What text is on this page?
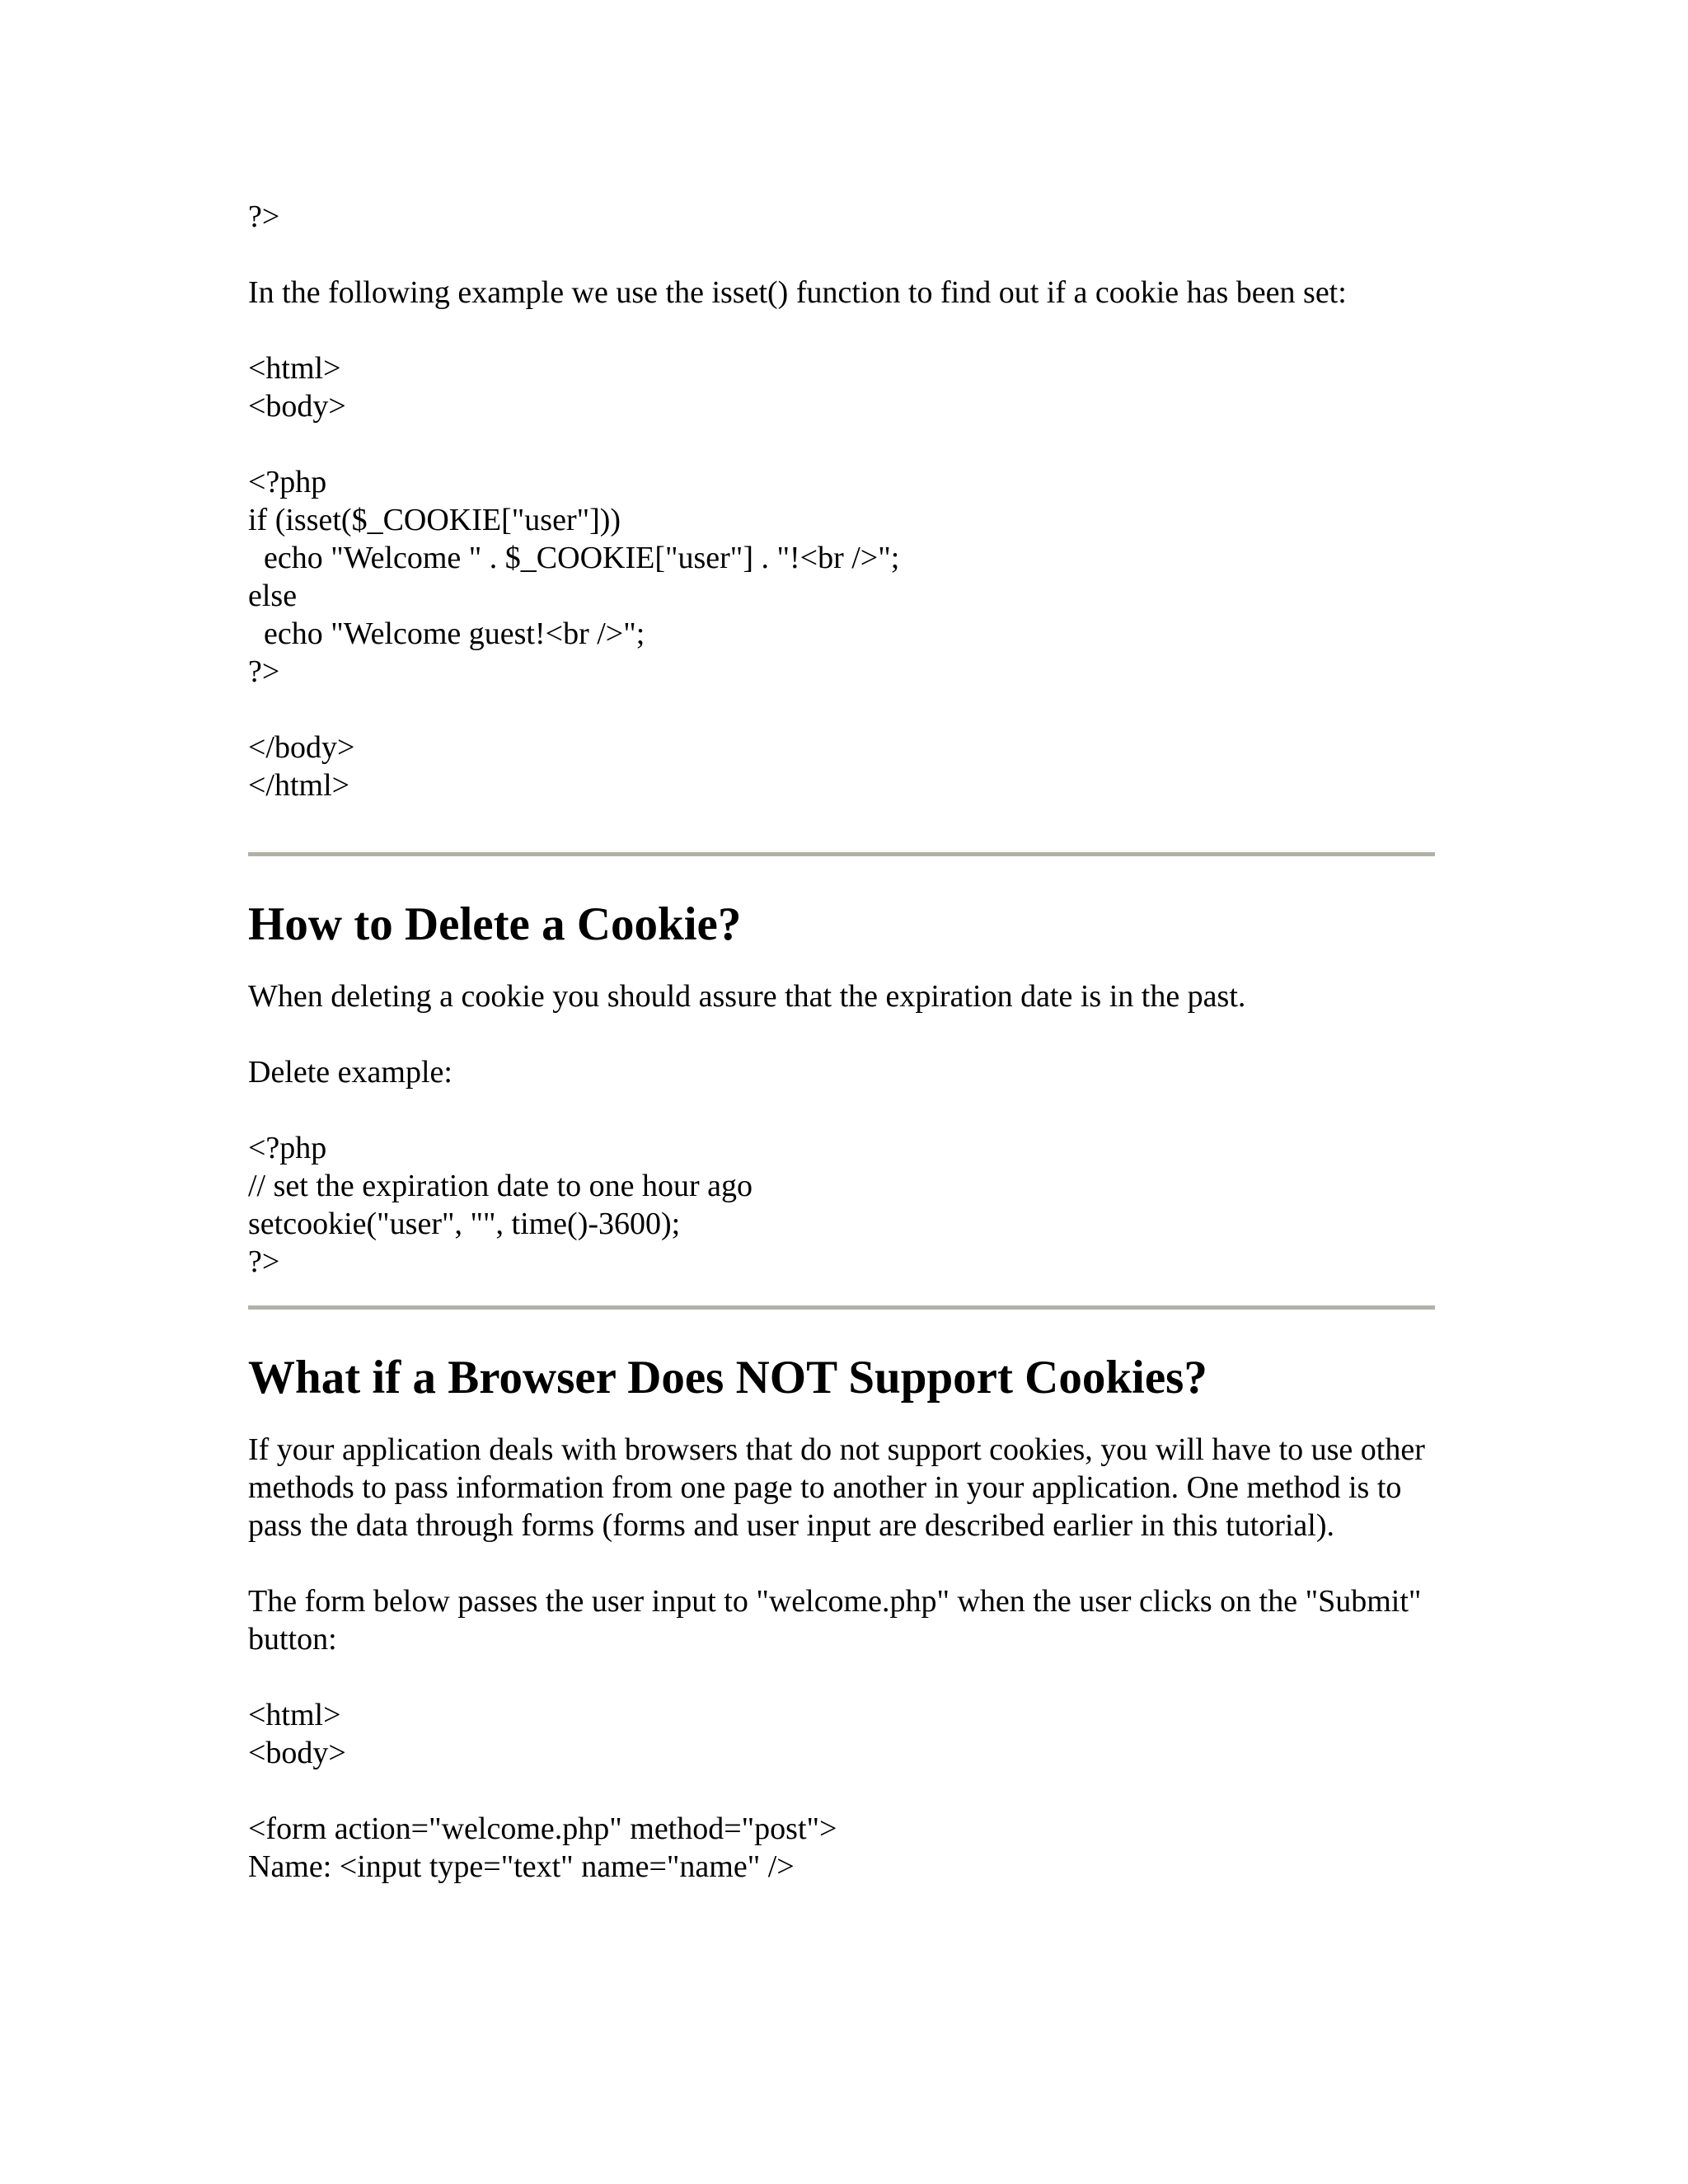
?>
In the following example we use the isset() function to find out if a cookie has been set:
<html>
<body>
<?php
if (isset($_COOKIE["user"]))
echo "Welcome " . $_COOKIE["user"] . "!<br />";
else
echo "Welcome guest!<br />";
?>
</body>
</html>
How to Delete a Cookie?
When deleting a cookie you should assure that the expiration date is in the past.
Delete example:
<?php
// set the expiration date to one hour ago
setcookie("user", "", time()-3600);
?>
What if a Browser Does NOT Support Cookies?
If your application deals with browsers that do not support cookies, you will have to use other methods to pass information from one page to another in your application. One method is to pass the data through forms (forms and user input are described earlier in this tutorial).
The form below passes the user input to "welcome.php" when the user clicks on the "Submit" button:
<html>
<body>
<form action="welcome.php" method="post">
Name: <input type="text" name="name" />
